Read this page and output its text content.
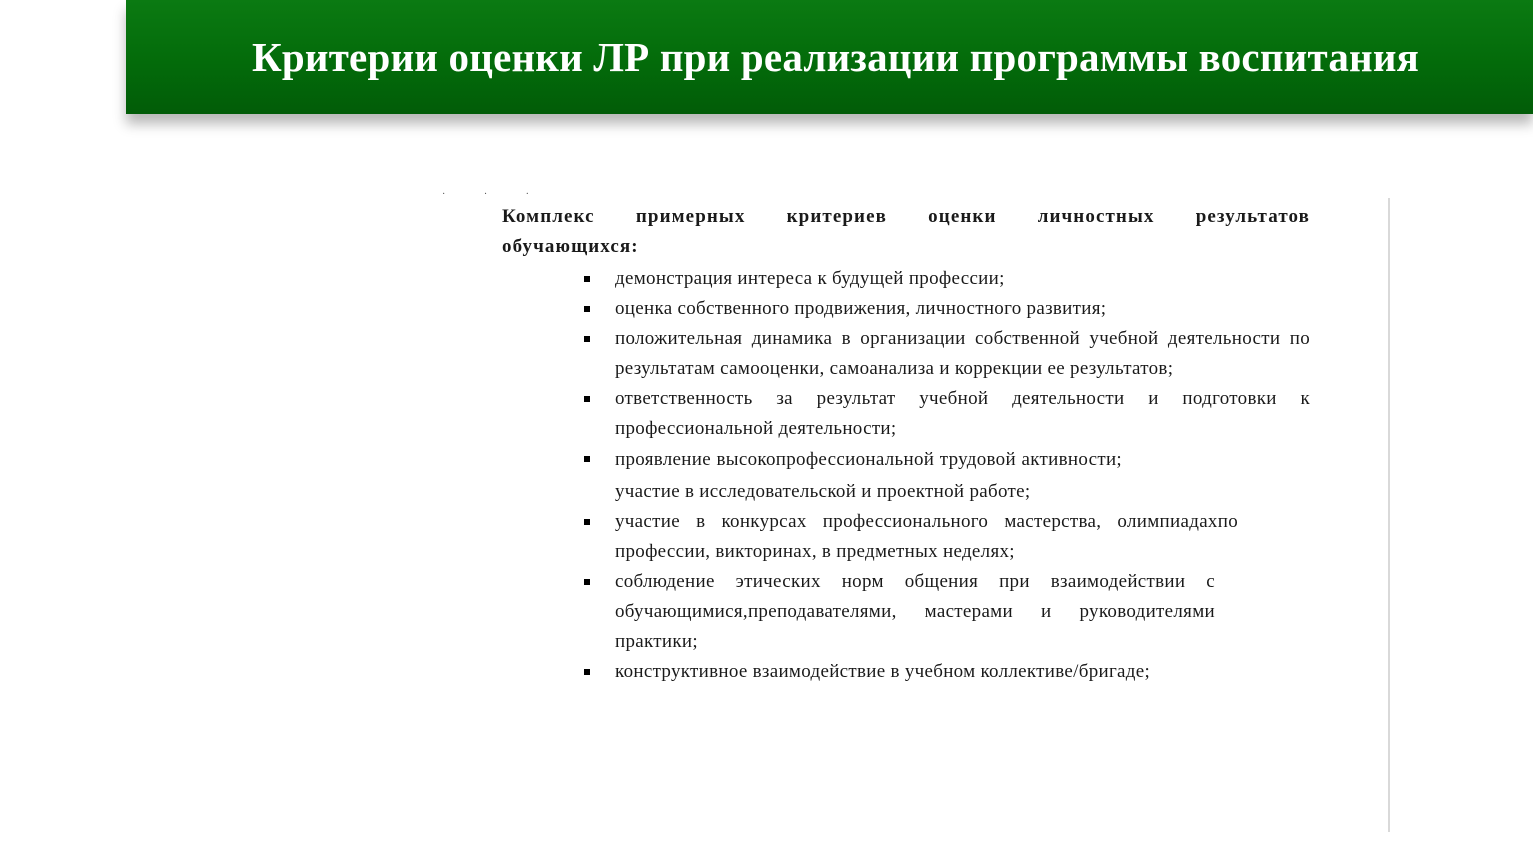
Критерии оценки ЛР при реализации программы воспитания
· · ·

Комплекс примерных критериев оценки личностных результатов обучающихся:

демонстрация интереса к будущей профессии;
оценка собственного продвижения, личностного развития;
положительная динамика в организации собственной учебной деятельности по результатам самооценки, самоанализа и коррекции ее результатов;
ответственность за результат учебной деятельности и подготовки к профессиональной деятельности;
проявление высокопрофессиональной трудовой активности; участие в исследовательской и проектной работе;
участие в конкурсах профессионального мастерства, олимпиадахпо профессии, викторинах, в предметных неделях;
соблюдение этических норм общения при взаимодействии с обучающимися,преподавателями, мастерами и руководителями практики;
конструктивное взаимодействие в учебном коллективе/бригаде;
